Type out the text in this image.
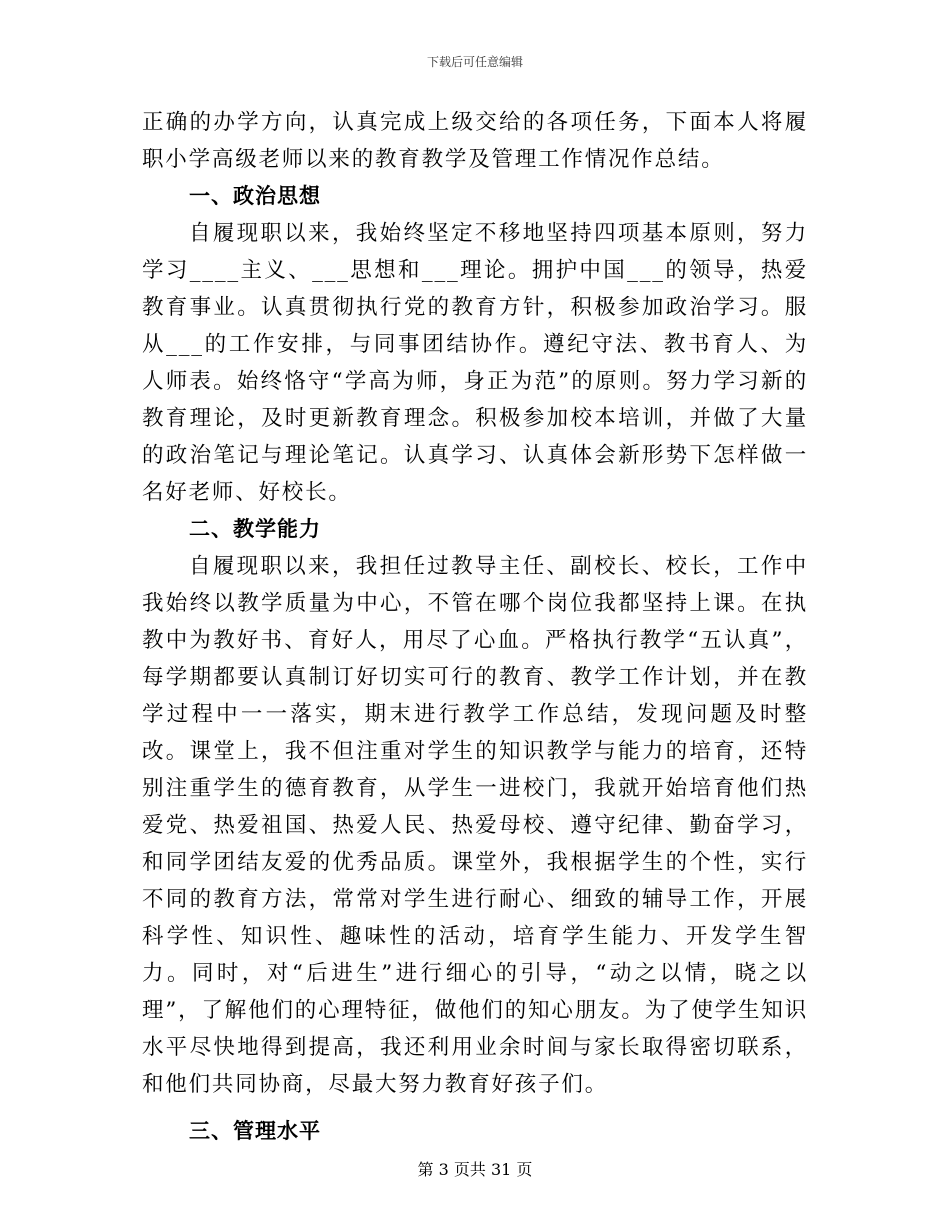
下载后可任意编辑

正确的办学方向，认真完成上级交给的各项任务，下面本人将履职小学高级老师以来的教育教学及管理工作情况作总结。

一、政治思想

自履现职以来，我始终坚定不移地坚持四项基本原则，努力学习____主义、___思想和___理论。拥护中国___的领导，热爱教育事业。认真贯彻执行党的教育方针，积极参加政治学习。服从___的工作安排，与同事团结协作。遵纪守法、教书育人、为人师表。始终恪守“学高为师，身正为范”的原则。努力学习新的教育理论，及时更新教育理念。积极参加校本培训，并做了大量的政治笔记与理论笔记。认真学习、认真体会新形势下怎样做一名好老师、好校长。

二、教学能力

自履现职以来，我担任过教导主任、副校长、校长，工作中我始终以教学质量为中心，不管在哪个岗位我都坚持上课。在执教中为教好书、育好人，用尽了心血。严格执行教学“五认真”，每学期都要认真制订好切实可行的教育、教学工作计划，并在教学过程中一一落实，期末进行教学工作总结，发现问题及时整改。课堂上，我不但注重对学生的知识教学与能力的培育，还特别注重学生的德育教育，从学生一进校门，我就开始培育他们热爱党、热爱祖国、热爱人民、热爱母校、遵守纪律、勤奋学习，和同学团结友爱的优秀品质。课堂外，我根据学生的个性，实行不同的教育方法，常常对学生进行耐心、细致的辅导工作，开展科学性、知识性、趣味性的活动，培育学生能力、开发学生智力。同时，对“后进生”进行细心的引导，“动之以情，晓之以理”，了解他们的心理特征，做他们的知心朋友。为了使学生知识水平尽快地得到提高，我还利用业余时间与家长取得密切联系，和他们共同协商，尽最大努力教育好孩子们。

三、管理水平
第 3 页共 31 页
